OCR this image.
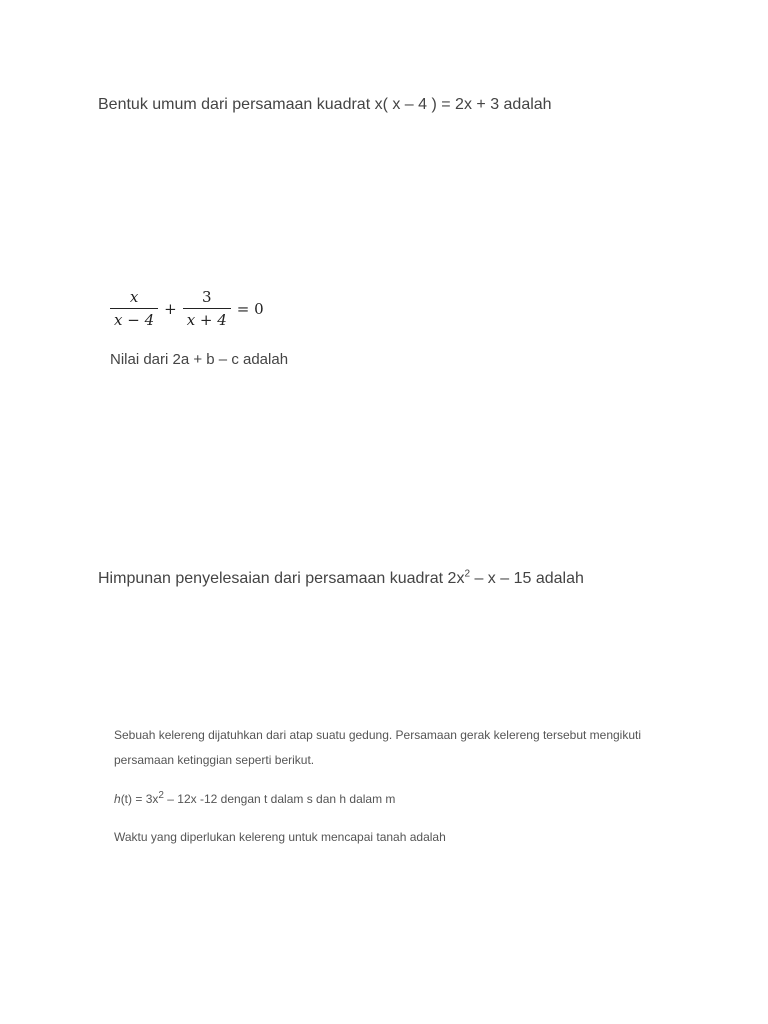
Bentuk umum dari persamaan kuadrat x( x – 4 ) = 2x + 3 adalah
$\frac{x}{x - 4} + \frac{3}{x + 4} = 0$
Nilai dari 2a + b – c adalah
Himpunan penyelesaian dari persamaan kuadrat $2x^2$ – x – 15 adalah
Sebuah kelereng dijatuhkan dari atap suatu gedung. Persamaan gerak kelereng tersebut mengikuti
persamaan ketinggian seperti berikut.
$h(t) = 3x^2 - 12x$ -12 dengan t dalam s dan h dalam m
Waktu yang diperlukan kelereng untuk mencapai tanah adalah
